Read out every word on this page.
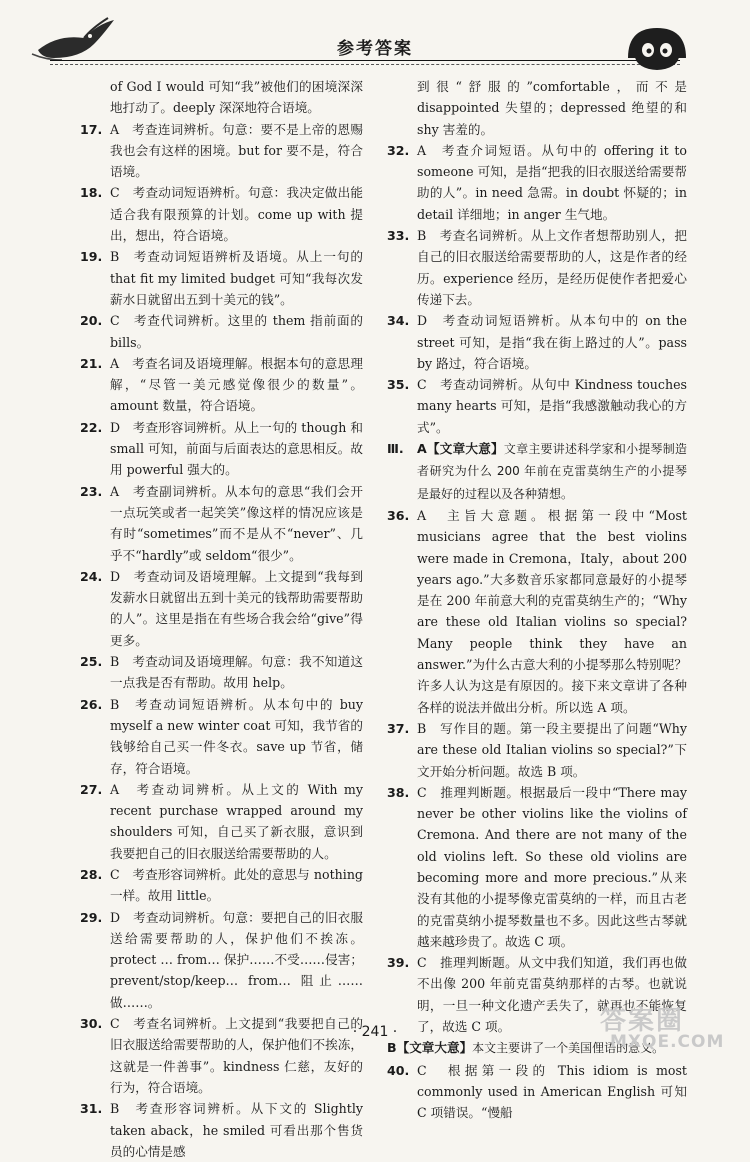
参考答案
of God I would 可知“我”被他们的困境深深地打动了。deeply 深深地符合语境。
17. A　考查连词辨析。句意：要不是上帝的恩赐我也会有这样的困境。but for 要不是，符合语境。
18. C　考查动词短语辨析。句意：我决定做出能适合我有限预算的计划。come up with 提出，想出，符合语境。
19. B　考查动词短语辨析及语境。从上一句的 that fit my limited budget 可知“我每次发薪水日就留出五到十美元的钱”。
20. C　考查代词辨析。这里的 them 指前面的 bills。
21. A　考查名词及语境理解。根据本句的意思理解，“尽管一美元感觉像很少的数量”。amount 数量，符合语境。
22. D　考查形容词辨析。从上一句的 though 和 small 可知，前面与后面表达的意思相反。故用 powerful 强大的。
23. A　考查副词辨析。从本句的意思“我们会开一点玩笑或者一起笑笑”像这样的情况应该是有时“sometimes”而不是从不“never”、几乎不“hardly”或 seldom“很少”。
24. D　考查动词及语境理解。上文提到“我每到发薪水日就留出五到十美元的钱帮助需要帮助的人”。这里是指在有些场合我会给“give”得更多。
25. B　考查动词及语境理解。句意：我不知道这一点我是否有帮助。故用 help。
26. B　考查动词短语辨析。从本句中的 buy myself a new winter coat 可知，我节省的钱够给自己买一件冬衣。save up 节省，储存，符合语境。
27. A　考查动词辨析。从上文的 With my recent purchase wrapped around my shoulders 可知，自己买了新衣服，意识到我要把自己的旧衣服送给需要帮助的人。
28. C　考查形容词辨析。此处的意思与 nothing 一样。故用 little。
29. D　考查动词辨析。句意：要把自己的旧衣服送给需要帮助的人，保护他们不挨冻。protect … from… 保护……不受……侵害；prevent/stop/keep… from… 阻止……做……。
30. C　考查名词辨析。上文提到“我要把自己的旧衣服送给需要帮助的人，保护他们不挨冻，这就是一件善事”。kindness 仁慈，友好的行为，符合语境。
31. B　考查形容词辨析。从下文的 Slightly taken aback，he smiled 可看出那个售货员的心情是感
到很“舒服的”comfortable，而不是 disappointed 失望的；depressed 绝望的和 shy 害羞的。
32. A　考查介词短语。从句中的 offering it to someone 可知，是指“把我的旧衣服送给需要帮助的人”。in need 急需。in doubt 怀疑的；in detail 详细地；in anger 生气地。
33. B　考查名词辨析。从上文作者想帮助别人，把自己的旧衣服送给需要帮助的人，这是作者的经历。experience 经历，是经历促使作者把爱心传递下去。
34. D　考查动词短语辨析。从本句中的 on the street 可知，是指“我在街上路过的人”。pass by 路过，符合语境。
35. C　考查动词辨析。从句中 Kindness touches many hearts 可知，是指“我感激触动我心的方式”。
Ⅲ. A【文章大意】文章主要讲述科学家和小提琴制造者研究为什么 200 年前在克雷莫纳生产的小提琴是最好的过程以及各种猜想。
36. A　主旨大意题。根据第一段中“Most musicians agree that the best violins were made in Cremona，Italy，about 200 years ago.”大多数音乐家都同意最好的小提琴是在 200 年前意大利的克雷莫纳生产的；“Why are these old Italian violins so special? Many people think they have an answer.”为什么古意大利的小提琴那么特别呢？许多人认为这是有原因的。接下来文章讲了各种各样的说法并做出分析。所以选 A 项。
37. B　写作目的题。第一段主要提出了问题“Why are these old Italian violins so special?”下文开始分析问题。故选 B 项。
38. C　推理判断题。根据最后一段中“There may never be other violins like the violins of Cremona. And there are not many of the old violins left. So these old violins are becoming more and more precious.”从来没有其他的小提琴像克雷莫纳的一样，而且古老的克雷莫纳小提琴数量也不多。因此这些古琴就越来越珍贵了。故选 C 项。
39. C　推理判断题。从文中我们知道，我们再也做不出像 200 年前克雷莫纳那样的古琴。也就说明，一旦一种文化遗产丢失了，就再也不能恢复了，故选 C 项。
B【文章大意】本文主要讲了一个美国俚语的意义。
40. C　根据第一段的 This idiom is most commonly used in American English 可知 C 项错误。“慢船
· 241 ·	答案圈
MXQE.COM
